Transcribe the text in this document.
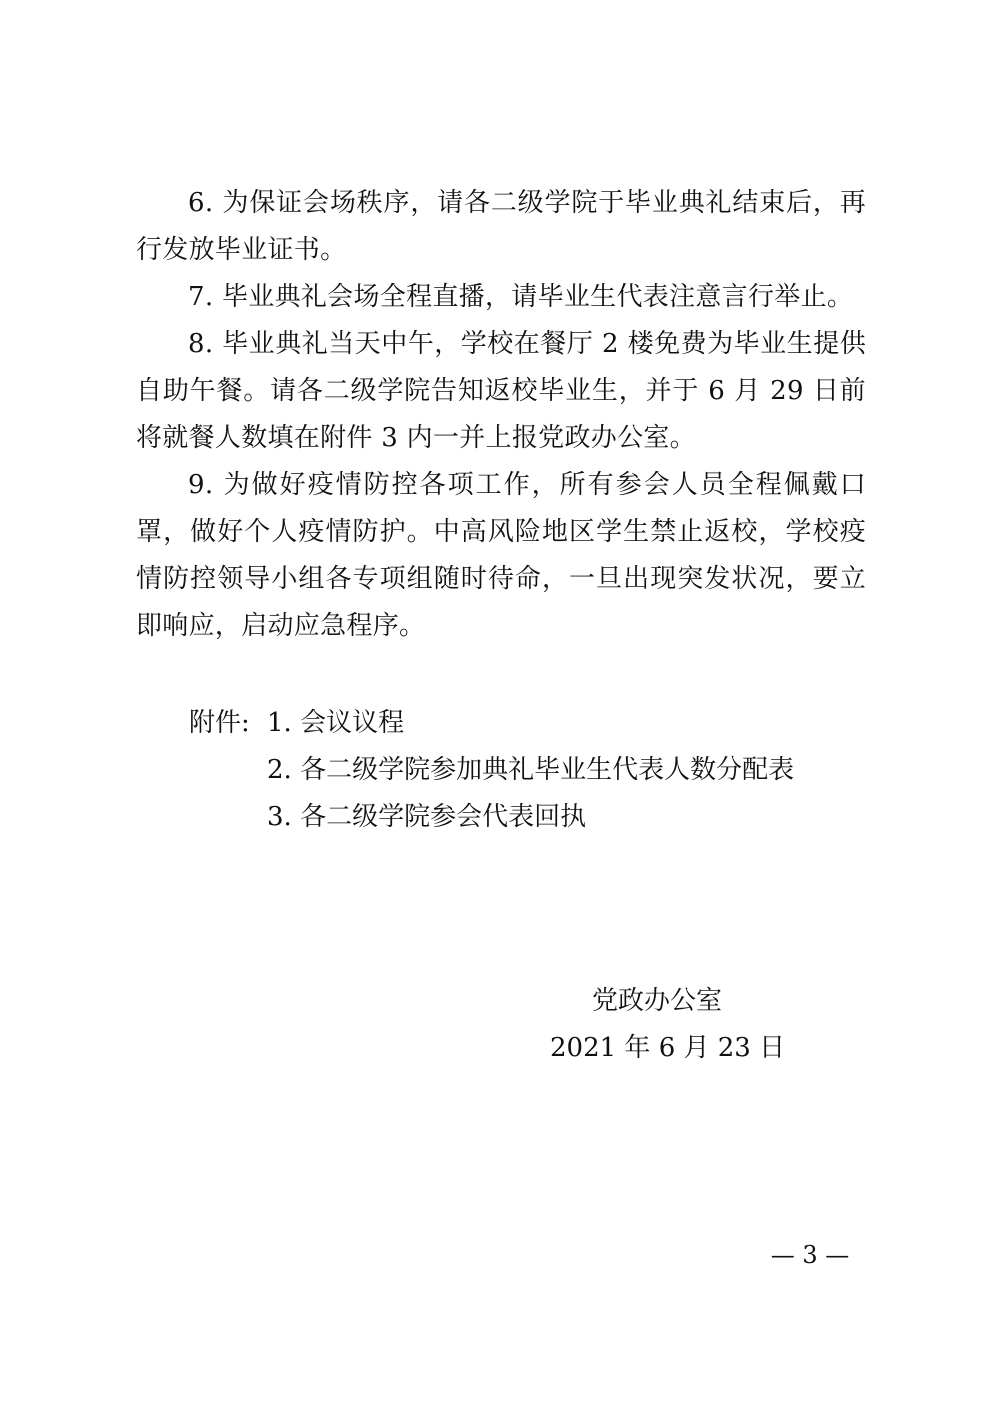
6. 为保证会场秩序，请各二级学院于毕业典礼结束后，再行发放毕业证书。

7. 毕业典礼会场全程直播，请毕业生代表注意言行举止。

8. 毕业典礼当天中午，学校在餐厅 2 楼免费为毕业生提供自助午餐。请各二级学院告知返校毕业生，并于 6 月 29 日前将就餐人数填在附件 3 内一并上报党政办公室。

9. 为做好疫情防控各项工作，所有参会人员全程佩戴口罩，做好个人疫情防护。中高风险地区学生禁止返校，学校疫情防控领导小组各专项组随时待命，一旦出现突发状况，要立即响应，启动应急程序。

附件: 1. 会议议程
2. 各二级学院参加典礼毕业生代表人数分配表
3. 各二级学院参会代表回执
党政办公室
2021 年 6 月 23 日
— 3 —
